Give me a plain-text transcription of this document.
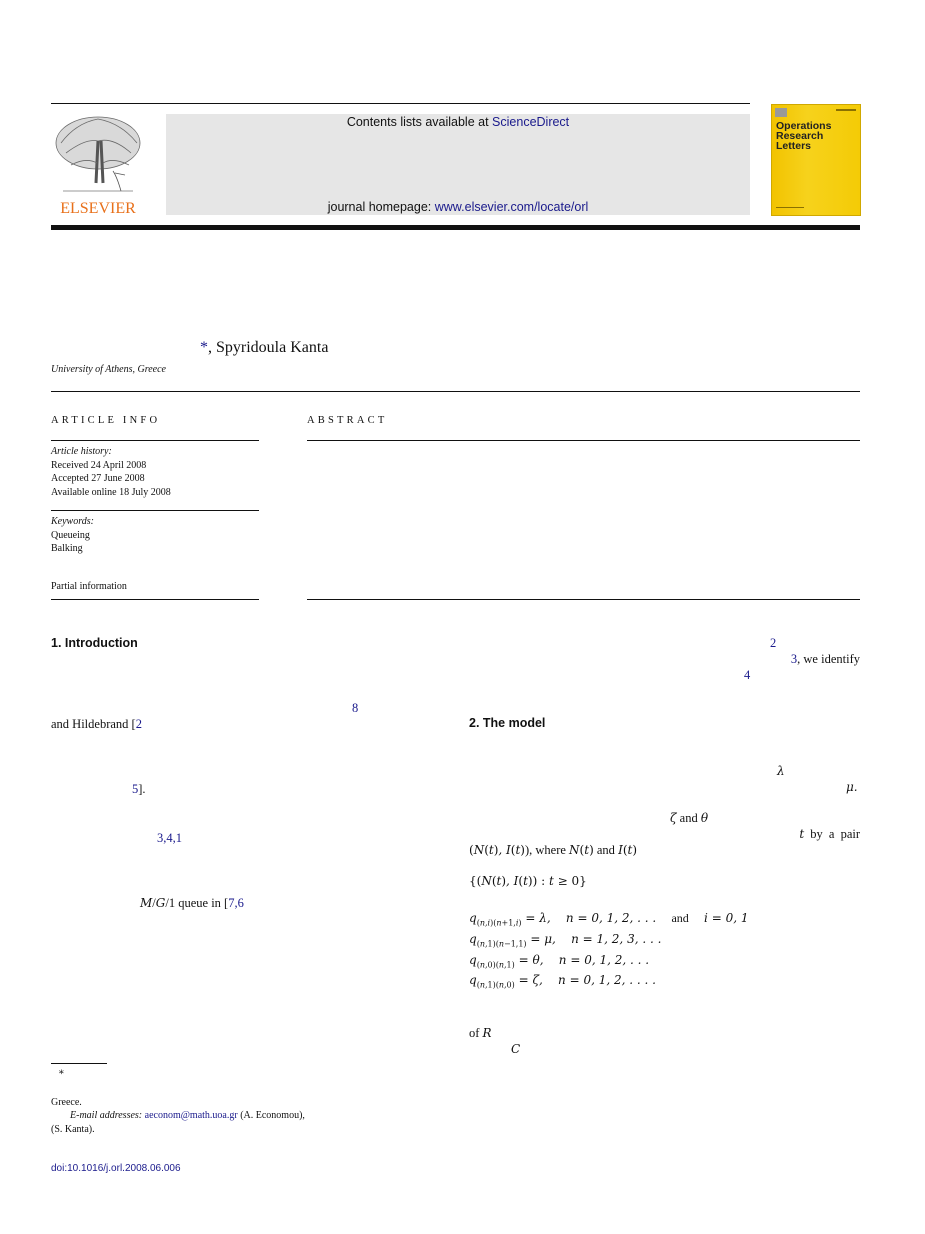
ELSEVIER
Contents lists available at ScienceDirect
journal homepage: www.elsevier.com/locate/orl
Operations
Research
Letters
*, Spyridoula Kanta
University of Athens, Greece
ARTICLE INFO
Article history:
Received 24 April 2008
Accepted 27 June 2008
Available online 18 July 2008
Keywords:
Queueing
Balking
Partial information
ABSTRACT
1. Introduction
8
and Hildebrand [2
5].
3,4,1
M/G/1 queue in [7,6
2
3, we identify
4
2. The model
λ
μ.
ζ and θ
t by a pair
(N(t), I(t)), where N(t) and I(t)
{(N(t), I(t)) : t ≥ 0}
$q_{(n,i)(n+1,i)} = \lambda$,    n = 0, 1, 2, . . . and i = 0, 1
$q_{(n,1)(n-1,1)} = \mu$,    n = 1, 2, 3, . . .
$q_{(n,0)(n,1)} = \theta$,    n = 0, 1, 2, . . .
$q_{(n,1)(n,0)} = \zeta$,    n = 0, 1, 2, . . . .
of R
C
∗
Greece.
E-mail addresses: aeconom@math.uoa.gr (A. Economou),
(S. Kanta).
doi:10.1016/j.orl.2008.06.006
